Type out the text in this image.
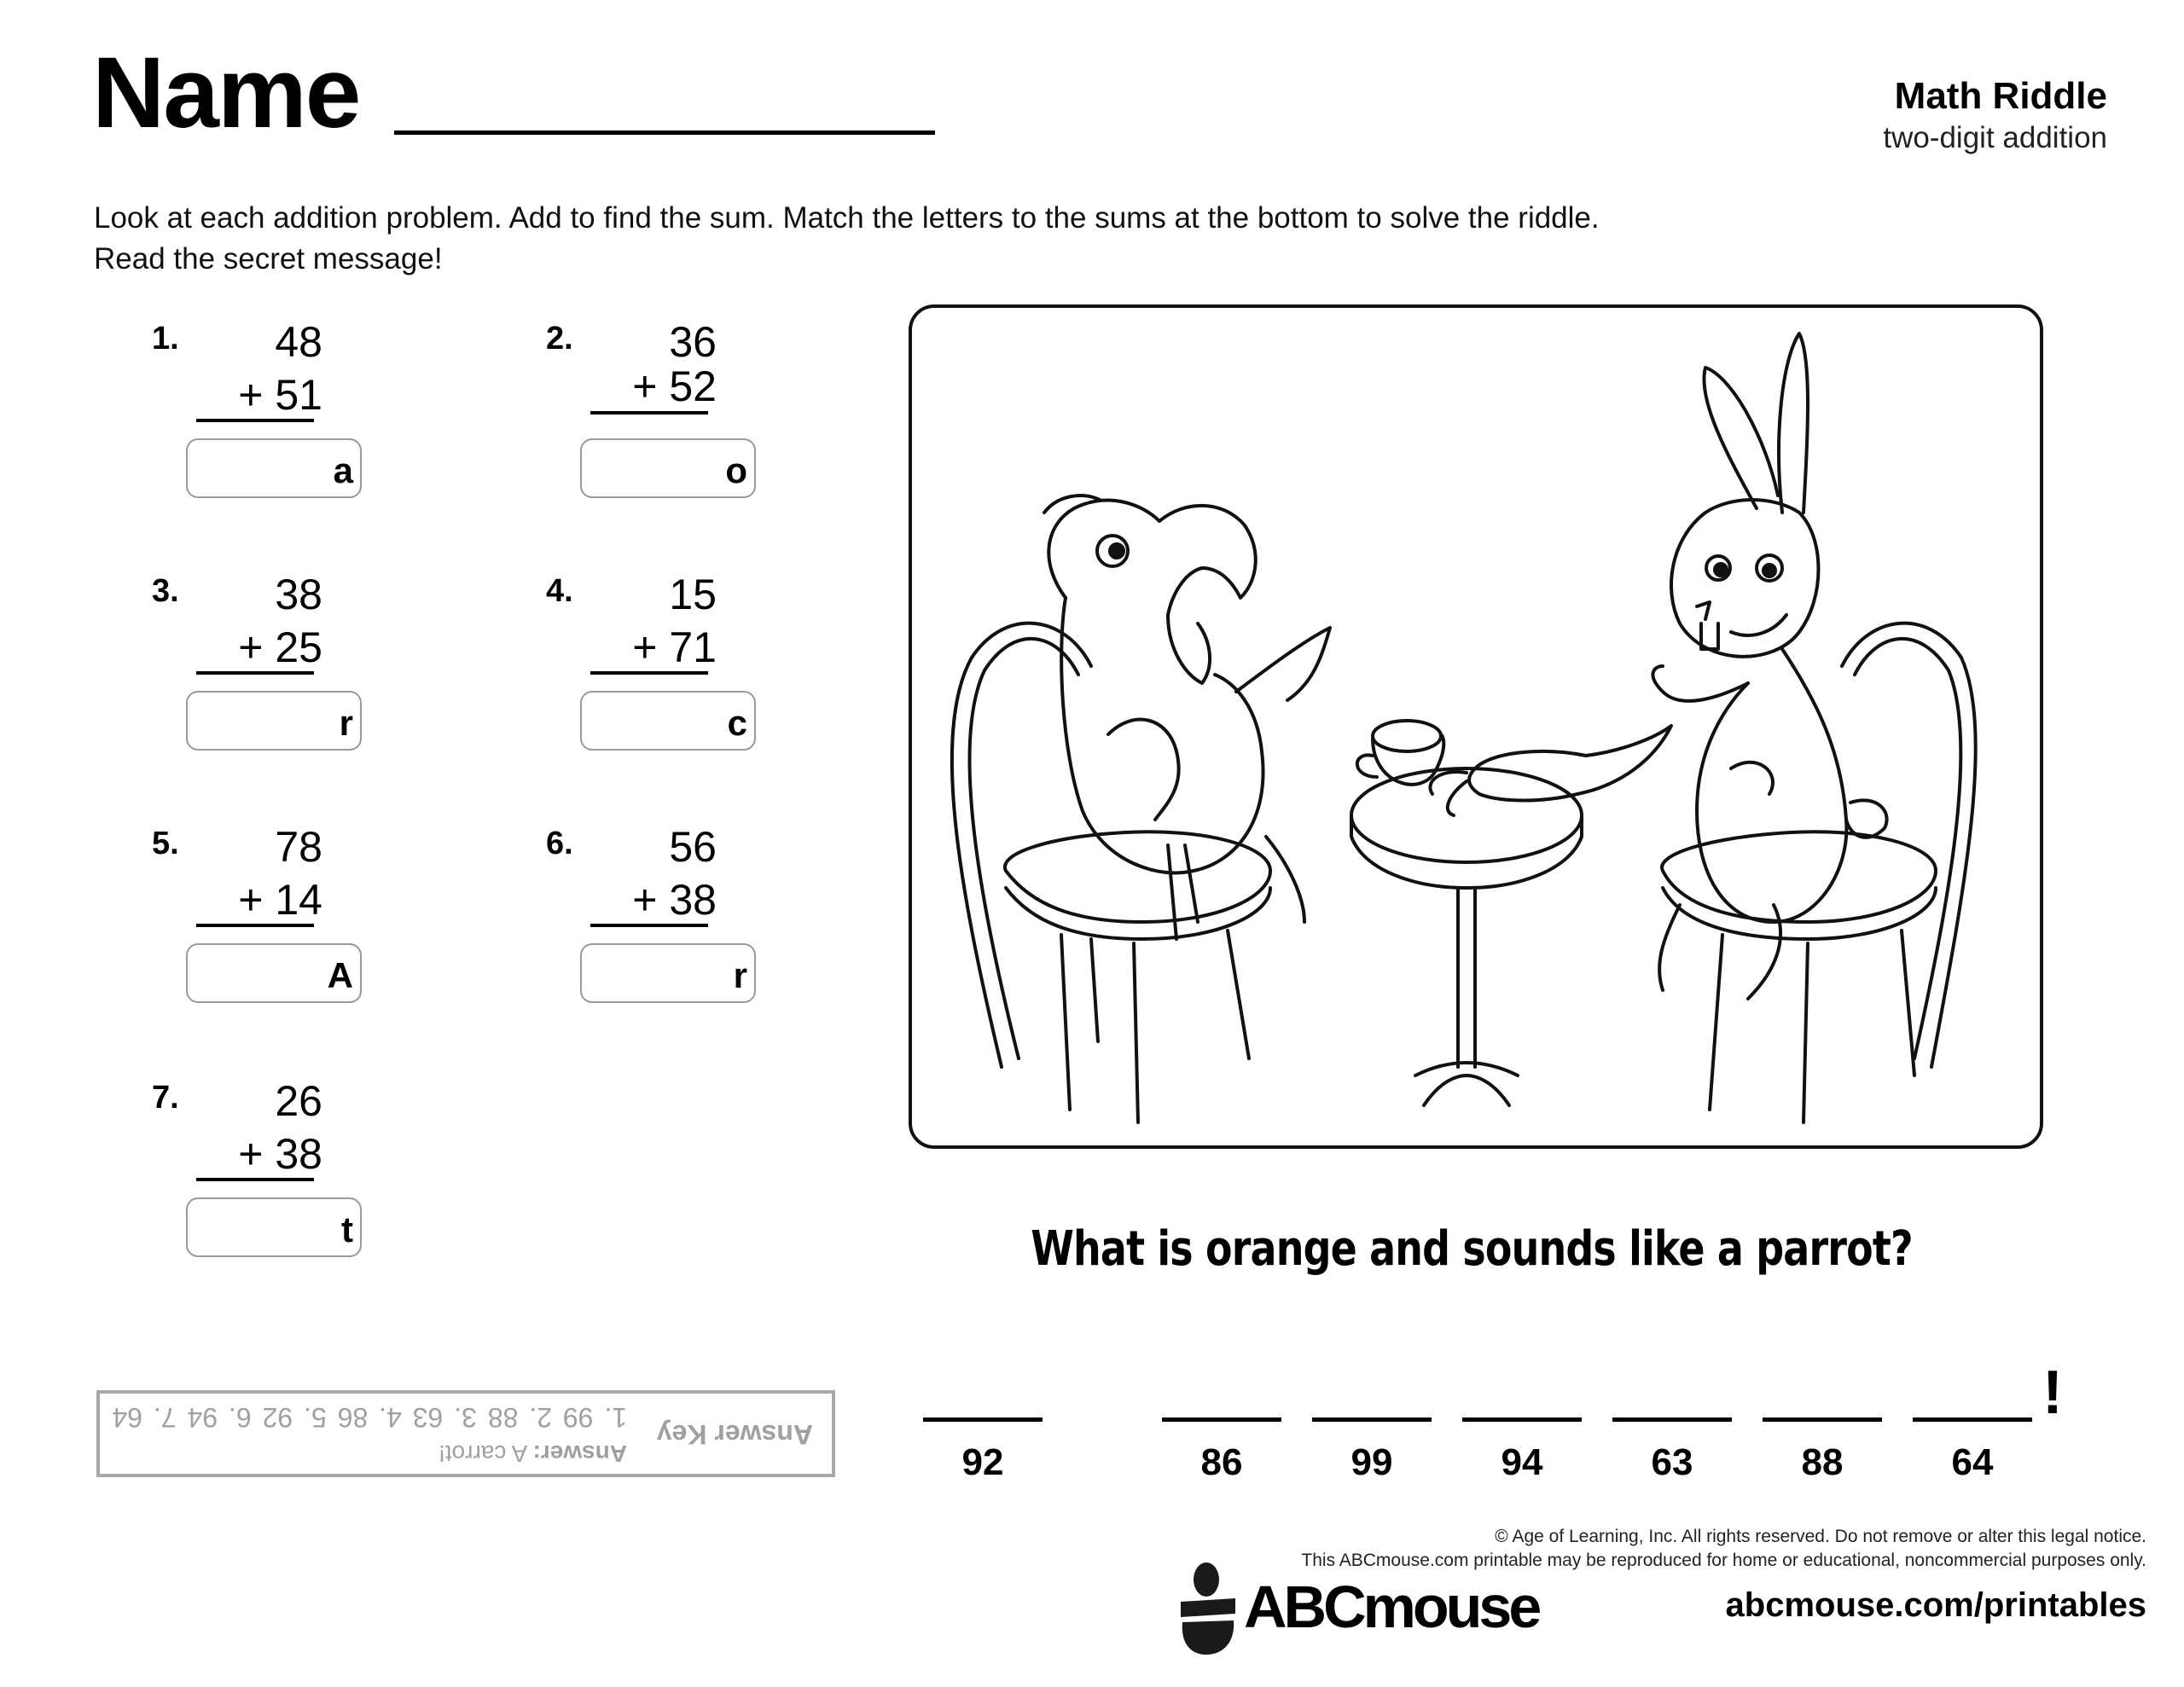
Name	Math Riddle
two-digit addition
Look at each addition problem. Add to find the sum. Match the letters to the sums at the bottom to solve the riddle.
Read the secret message!
1. 48
+ 51
a
2. 36
+ 52
o
3. 38
+ 25
r
4. 15
+ 71
c
5. 78
+ 14
A
6. 56
+ 38
r
7. 26
+ 38
t	What is orange and sounds like a parrot?
92	86	99	94	63	88	64
!
Answer Key
Answer: A carrot!
1. 99 2. 88 3. 63 4. 86 5. 92 6. 94 7. 64
© Age of Learning, Inc. All rights reserved. Do not remove or alter this legal notice.
This ABCmouse.com printable may be reproduced for home or educational, noncommercial purposes only.
ABCmouse	abcmouse.com/printables
